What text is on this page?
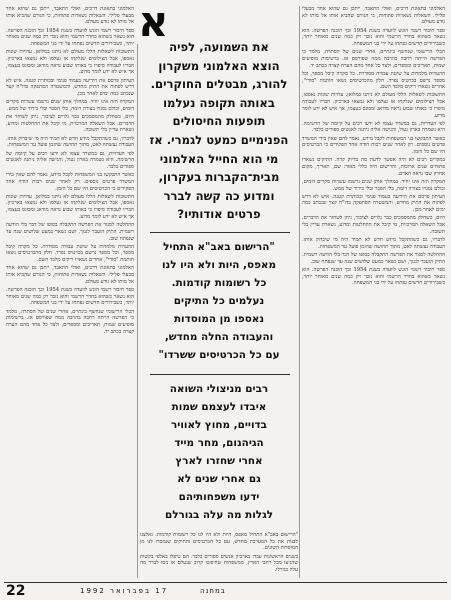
האלמוני בתאונת דרכים, ואולי התאבד, ייתכן גם שהוא אחד מבעלי פלילי. השאלות נשארות פתוחות, כי הגורם שהביא אותו אל מותו לא נודע מעולם.

ספר חיבור רשמי הוגש לוועדה בשנת 1954 וכך הוכנה הפרשה. הוא נשאר כשהוא בחדר הרשמי והוא נזכר רק כמה שנים מאוחר יותר, כשבירורים חדשים נפתחו על ידי בני המשפחה.

התשובות לשאלות הללו מעולם לא ניתנו במלואן. עדויות שונות נאספו, אבל הצילומים שנלקחו אז נעלמו ולא נמצאו בארכיון. חבריו לעבודה סיפרו כי באותו שבוע נראה מודאג ומכונס בעצמו, אך איש לא ידע לומר מדוע.

העיתון פרסם את הידיעה בעמוד פנימי ובכותרת קטנה. איש לא דרש לפתוח את התיק מחדש, והמשטרה הסתפקה בדו"ח קצר שנכתב כמה ימים לאחר מכן.

המקרה הזה אינו יחיד. במהלך אותן שנים נרשמו עשרות מקרים דומים, וכולם נסגרו בצורה דומה, בלי הסבר ובלי בירור של ממש.

היום, כשחלק מהמסמכים כבר גלויים לציבור, ניתן לשחזר את הדברים. אבל השאלה המרכזית, מי קיבל את ההחלטות ומדוע, נשארת עדיין בלי תשובה.

לדבריו, גם כשהתקבל מידע חדש לא תמיד היה מי שיבדוק אותו. העבודה נעשתה לאט, מתוך תחושה שהזמן פועל נגד המשפחות.

לפי העדויות, גם במשרד עצמו לא ידעו רבים על קיומה של הרשימה. היא נשמרה בארון נעול, והגישה אליה ניתנה לאנשים ספורים בלבד.

כאשר התבקשו בני המשפחות לקבל מידע, נאמר להם שאין בידי המשרד פרטים נוספים. רק לאחר שנים רבות הודה אחד הפקידים כי הכרטיסים היו שם כל הזמן.

התשובות לשאלות הללו מעולם לא ניתנו במלואן. עדויות שונות נאספו, אבל הצילומים שנלקחו אז נעלמו ולא נמצאו בארכיון. חבריו לעבודה סיפרו כי באותו שבוע נראה מודאג ומכונס בעצמו, אך איש לא ידע לומר מדוע.

ההחלטה לסגור את הפרשה התקבלה בסופו של דבר בלי הודעה רשמית. התיק הועבר לגנזך, ושם נשאר כמעט שלושים שנה עד שנפתח שוב.

ההערות מלמדות על שיטת עבודה מסודרת. כל מקרה קיבל מספר, וכל מספר נרשם בכרטיס נפרד. חלק מהכרטיסים נשאו חותמת "סודי", אחרים נשארו ריקים מלבד השם.

האלמוני בתאונת דרכים, ואולי התאבד, ייתכן גם שהוא אחד מבעלי פלילי. השאלות נשארות פתוחות, כי הגורם שהביא אותו אל מותו לא נודע מעולם.

ספר חיבור רשמי הוגש לוועדה בשנת 1954 וכך הוכנה הפרשה. הוא נשאר כשהוא בחדר הרשמי והוא נזכר רק כמה שנים מאוחר יותר, כשבירורים חדשים נפתחו על ידי בני המשפחה.

הכלי הרישומי שנחשף בינתיים, אחרי שנים של הסתרה, מלמד כי הפרשה הייתה רחבה בהרבה ממה שפורסם אז. ברשימות מופיעים שמות, תאריכים ומספרים, ולצד כל אחד מהם הערה קצרה בכתב יד.

א
את השמועה, לפיה
הוצא האלמוני משקרון
להורג, מבטלים החוקרים.
באותה תקופה נעלמו
תופעות החיסולים
הפנימיים כמעט לגמרי. אז
מי הוא החייל האלמוני
מבית־הקברות בעקרון,
ומדוע כה קשה לברר
פרטים אודותיו?
"הרישום באב"א התחיל
מאפס, היות ולא היו לנו
כל רשומות קודמות.
נעלמים כל התיקים
נאספו מן המוסדות
והעבודה החלה מחדש,
עם כל הכרטיסים ששרדו"
רבים מניצולי השואה
איבדו לעצמם שמות
בדויים, מחוץ לאוויר
הגיהנום, מחר מייד
אחרי שחזרו לארץ
גם אחרי שנים לא
ידעו משפחותיהם
לגלות מה עלה בגורלם

"הרישום באב"א התחיל מאפס, היות ולא היו לנו כל רשומות קודמות. נאלצנו לבנות את כל המערכת מחדש, עם כל הכרטיסים והתיקים שנמסרו לנו מן המוסדות השונים.

בשנים הראשונות עבדו בארכיון אנשים ספורים בלבד. הם טיפלו באלפי בקשות שהגיעו מכל רחבי הארץ, ממשפחות שחיפשו קרוב שנעלם או ניסו לברר מה עלה בגורלו.

האלמוני בתאונת דרכים, ואולי התאבד, ייתכן גם שהוא אחד מבעלי פלילי. השאלות נשארות פתוחות, כי הגורם שהביא אותו אל מותו לא נודע מעולם.

ספר חיבור רשמי הוגש לוועדה בשנת 1954 וכך הוכנה הפרשה. הוא נשאר כשהוא בחדר הרשמי והוא נזכר רק כמה שנים מאוחר יותר, כשבירורים חדשים נפתחו על ידי בני המשפחה.

הכלי הרישומי שנחשף בינתיים, אחרי שנים של הסתרה, מלמד כי הפרשה הייתה רחבה בהרבה ממה שפורסם אז. ברשימות מופיעים שמות, תאריכים ומספרים, ולצד כל אחד מהם הערה קצרה בכתב יד.

ההערות מלמדות על שיטת עבודה מסודרת. כל מקרה קיבל מספר, וכל מספר נרשם בכרטיס נפרד. חלק מהכרטיסים נשאו חותמת "סודי", אחרים נשארו ריקים מלבד השם.

התשובות לשאלות הללו מעולם לא ניתנו במלואן. עדויות שונות נאספו, אבל הצילומים שנלקחו אז נעלמו ולא נמצאו בארכיון. חבריו לעבודה סיפרו כי באותו שבוע נראה מודאג ומכונס בעצמו, אך איש לא ידע לומר מדוע.

לפי העדויות, גם במשרד עצמו לא ידעו רבים על קיומה של הרשימה. היא נשמרה בארון נעול, והגישה אליה ניתנה לאנשים ספורים בלבד.

כאשר התבקשו בני המשפחות לקבל מידע, נאמר להם שאין בידי המשרד פרטים נוספים. רק לאחר שנים רבות הודה אחד הפקידים כי הכרטיסים היו שם כל הזמן.

במקרים רבים לא היה אפשר לדעת מה בדיוק קרה. התיקים נשארו פתוחים שנים ארוכות, והרישום היה כללי מאוד: שם, תאריך, מקום אחרון שבו נראה האדם.

המקרה הזה אינו יחיד. במהלך אותן שנים נרשמו עשרות מקרים דומים, וכולם נסגרו בצורה דומה, בלי הסבר ובלי בירור של ממש.

העיתון פרסם את הידיעה בעמוד פנימי ובכותרת קטנה. איש לא דרש לפתוח את התיק מחדש, והמשטרה הסתפקה בדו"ח קצר שנכתב כמה ימים לאחר מכן.

היום, כשחלק מהמסמכים כבר גלויים לציבור, ניתן לשחזר את הדברים. אבל השאלה המרכזית, מי קיבל את ההחלטות ומדוע, נשארת עדיין בלי תשובה.

לדבריו, גם כשהתקבל מידע חדש לא תמיד היה מי שיבדוק אותו. העבודה נעשתה לאט, מתוך תחושה שהזמן פועל נגד המשפחות.

ההחלטה לסגור את הפרשה התקבלה בסופו של דבר בלי הודעה רשמית. התיק הועבר לגנזך, ושם נשאר כמעט שלושים שנה עד שנפתח שוב.

ספר חיבור רשמי הוגש לוועדה בשנת 1954 וכך הוכנה הפרשה. הוא נשאר כשהוא בחדר הרשמי והוא נזכר רק כמה שנים מאוחר יותר, כשבירורים חדשים נפתחו על ידי בני המשפחה.

22	17 בפברואר 1992	במחנה
